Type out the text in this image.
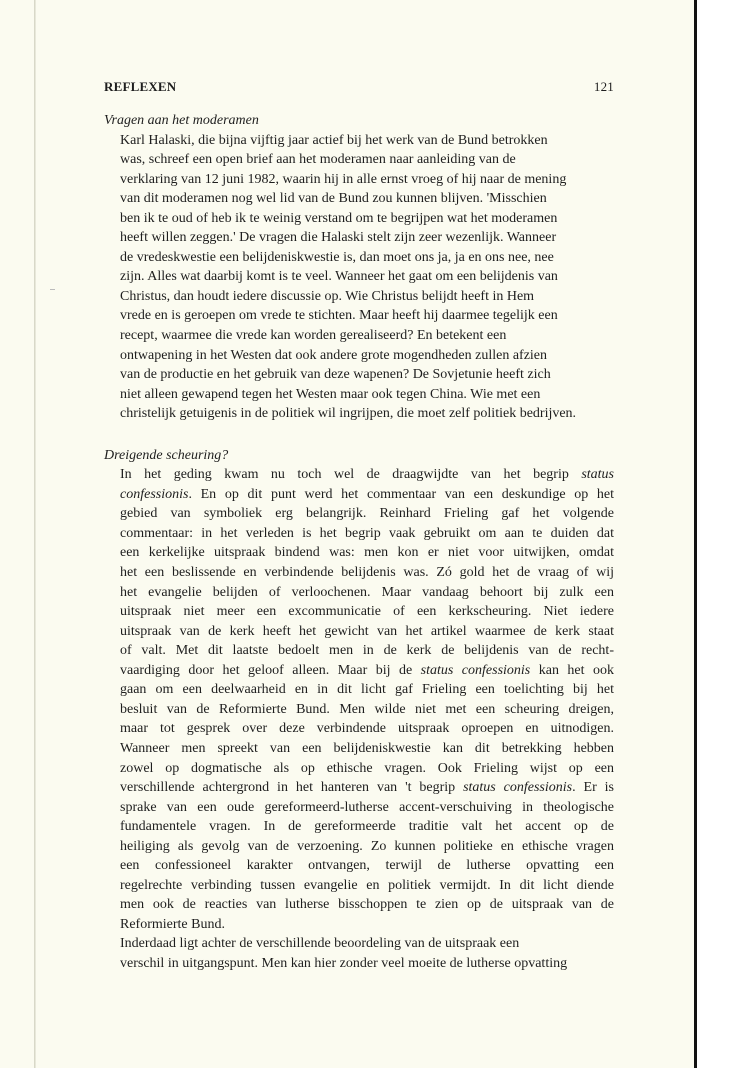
REFLEXEN	121
Vragen aan het moderamen

Karl Halaski, die bijna vijftig jaar actief bij het werk van de Bund betrokken
was, schreef een open brief aan het moderamen naar aanleiding van de
verklaring van 12 juni 1982, waarin hij in alle ernst vroeg of hij naar de mening
van dit moderamen nog wel lid van de Bund zou kunnen blijven. 'Misschien
ben ik te oud of heb ik te weinig verstand om te begrijpen wat het moderamen
heeft willen zeggen.' De vragen die Halaski stelt zijn zeer wezenlijk. Wanneer
de vredeskwestie een belijdeniskwestie is, dan moet ons ja, ja en ons nee, nee
zijn. Alles wat daarbij komt is te veel. Wanneer het gaat om een belijdenis van
Christus, dan houdt iedere discussie op. Wie Christus belijdt heeft in Hem
vrede en is geroepen om vrede te stichten. Maar heeft hij daarmee tegelijk een
recept, waarmee die vrede kan worden gerealiseerd? En betekent een
ontwapening in het Westen dat ook andere grote mogendheden zullen afzien
van de productie en het gebruik van deze wapenen? De Sovjetunie heeft zich
niet alleen gewapend tegen het Westen maar ook tegen China. Wie met een
christelijk getuigenis in de politiek wil ingrijpen, die moet zelf politiek bedrijven.

Dreigende scheuring?

In het geding kwam nu toch wel de draagwijdte van het begrip status
confessionis. En op dit punt werd het commentaar van een deskundige op het
gebied van symboliek erg belangrijk. Reinhard Frieling gaf het volgende
commentaar: in het verleden is het begrip vaak gebruikt om aan te duiden dat
een kerkelijke uitspraak bindend was: men kon er niet voor uitwijken, omdat
het een beslissende en verbindende belijdenis was. Zó gold het de vraag of wij
het evangelie belijden of verloochenen. Maar vandaag behoort bij zulk een
uitspraak niet meer een excommunicatie of een kerkscheuring. Niet iedere
uitspraak van de kerk heeft het gewicht van het artikel waarmee de kerk staat
of valt. Met dit laatste bedoelt men in de kerk de belijdenis van de recht-
vaardiging door het geloof alleen. Maar bij de status confessionis kan het ook
gaan om een deelwaarheid en in dit licht gaf Frieling een toelichting bij het
besluit van de Reformierte Bund. Men wilde niet met een scheuring dreigen,
maar tot gesprek over deze verbindende uitspraak oproepen en uitnodigen.
Wanneer men spreekt van een belijdeniskwestie kan dit betrekking hebben
zowel op dogmatische als op ethische vragen. Ook Frieling wijst op een
verschillende achtergrond in het hanteren van 't begrip status confessionis. Er is
sprake van een oude gereformeerd-lutherse accent-verschuiving in theologische
fundamentele vragen. In de gereformeerde traditie valt het accent op de
heiliging als gevolg van de verzoening. Zo kunnen politieke en ethische vragen
een confessioneel karakter ontvangen, terwijl de lutherse opvatting een
regelrechte verbinding tussen evangelie en politiek vermijdt. In dit licht diende
men ook de reacties van lutherse bisschoppen te zien op de uitspraak van de
Reformierte Bund.

Inderdaad ligt achter de verschillende beoordeling van de uitspraak een
verschil in uitgangspunt. Men kan hier zonder veel moeite de lutherse opvatting
